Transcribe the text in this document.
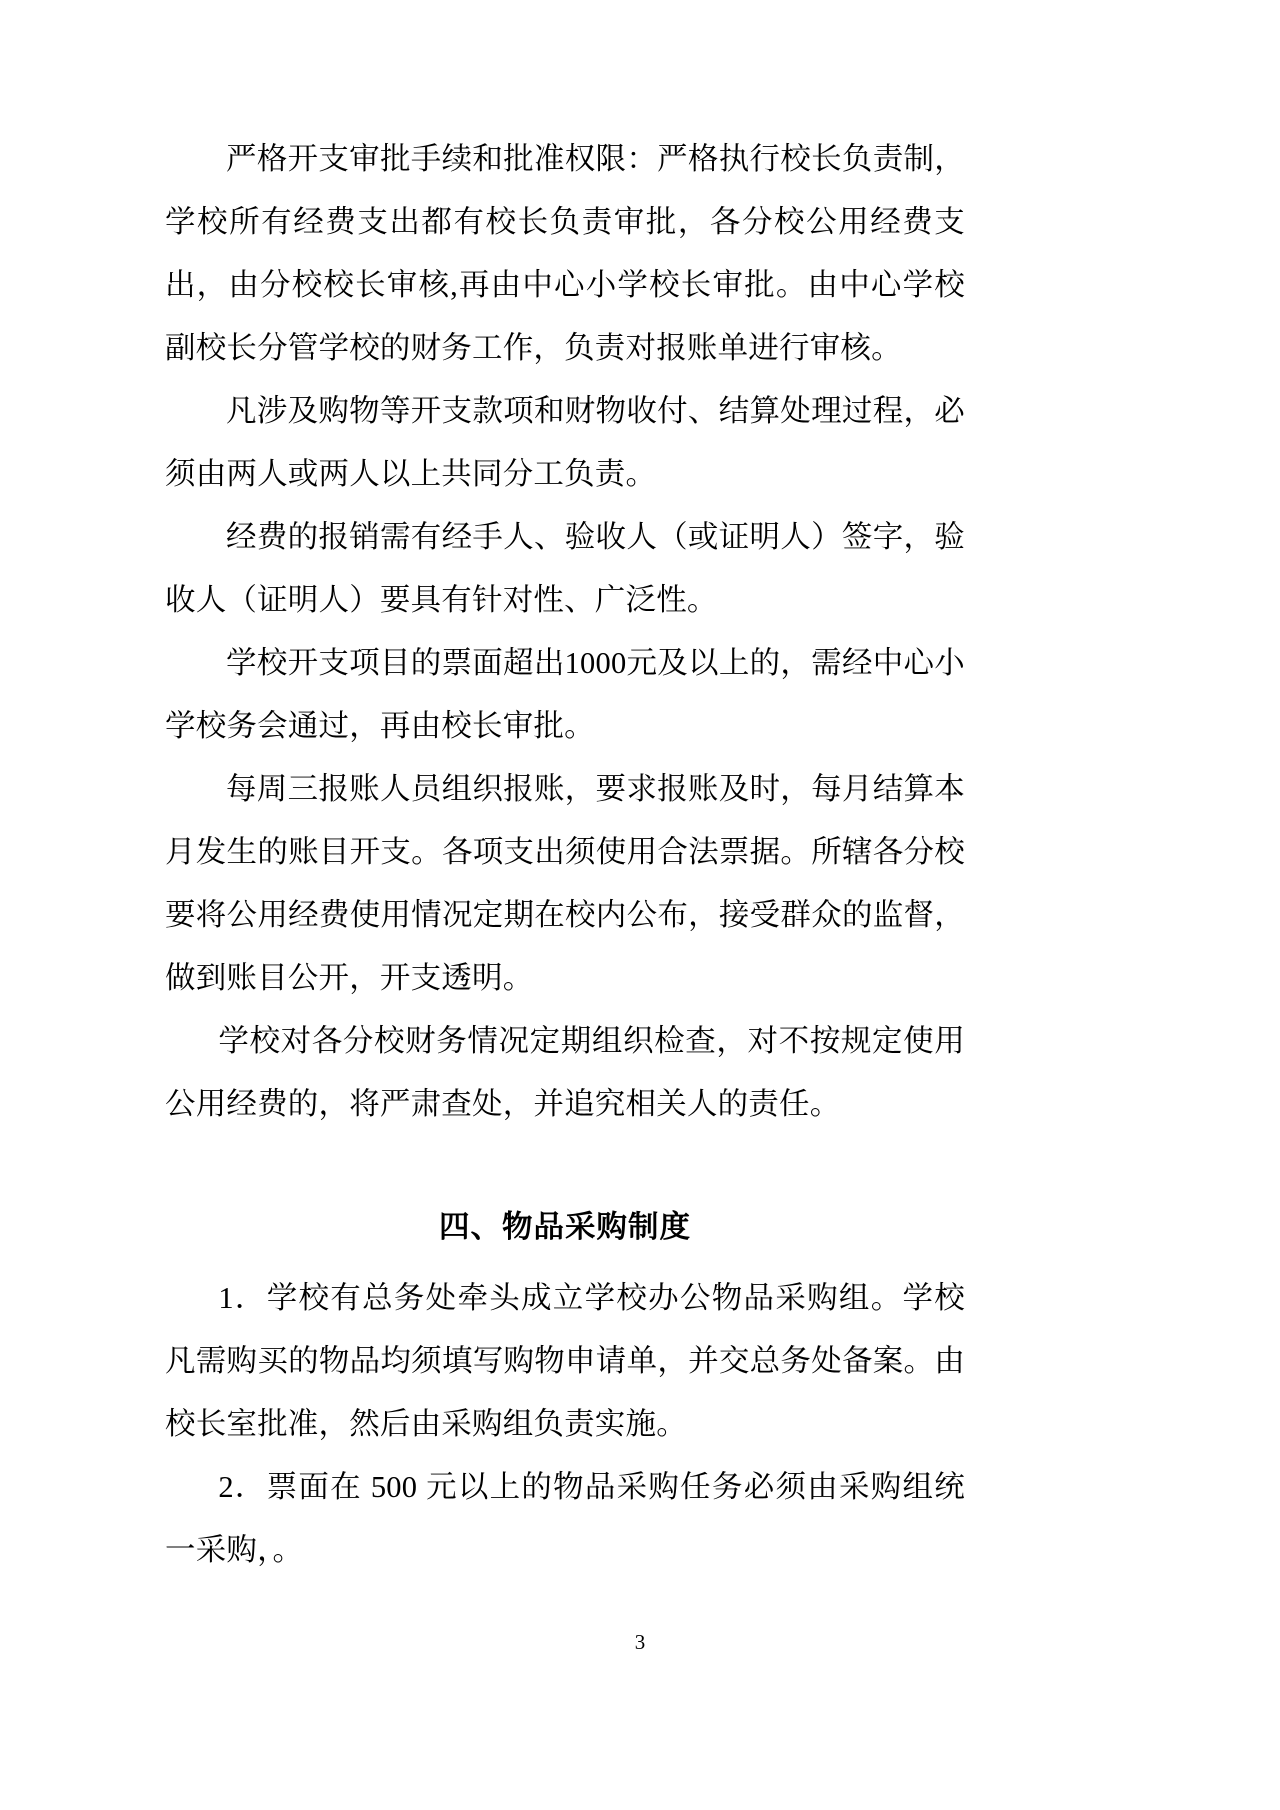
严格开支审批手续和批准权限：严格执行校长负责制，学校所有经费支出都有校长负责审批，各分校公用经费支出，由分校校长审核,再由中心小学校长审批。由中心学校副校长分管学校的财务工作，负责对报账单进行审核。

凡涉及购物等开支款项和财物收付、结算处理过程，必须由两人或两人以上共同分工负责。

经费的报销需有经手人、验收人（或证明人）签字，验收人（证明人）要具有针对性、广泛性。

学校开支项目的票面超出1000元及以上的，需经中心小学校务会通过，再由校长审批。

每周三报账人员组织报账，要求报账及时，每月结算本月发生的账目开支。各项支出须使用合法票据。所辖各分校要将公用经费使用情况定期在校内公布，接受群众的监督，做到账目公开，开支透明。

学校对各分校财务情况定期组织检查，对不按规定使用公用经费的，将严肃查处，并追究相关人的责任。

四、物品采购制度

1．学校有总务处牵头成立学校办公物品采购组。学校凡需购买的物品均须填写购物申请单，并交总务处备案。由校长室批准，然后由采购组负责实施。

2．票面在 500 元以上的物品采购任务必须由采购组统一采购，。

3
